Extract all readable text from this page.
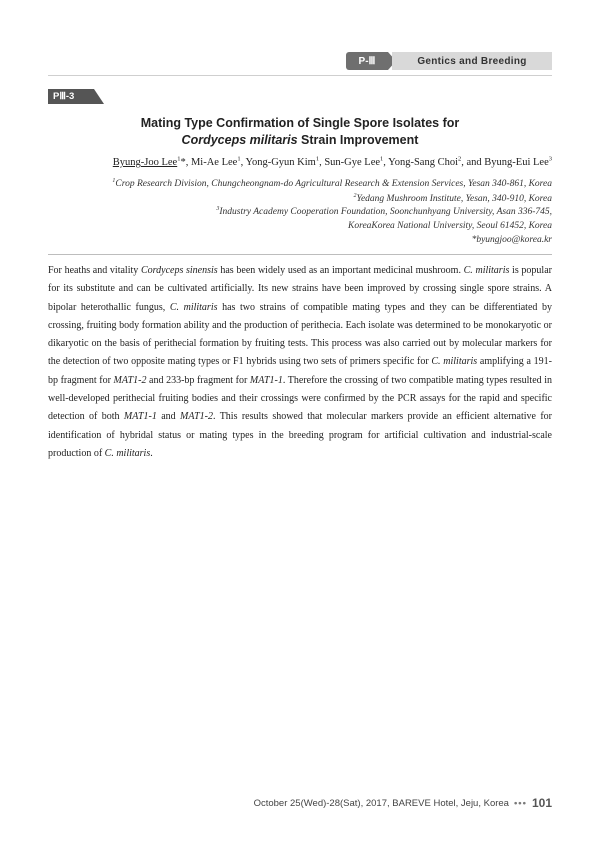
P-Ⅲ	Gentics and Breeding
PⅢ-3
Mating Type Confirmation of Single Spore Isolates for
Cordyceps militaris Strain Improvement
Byung-Joo Lee$^1$*, Mi-Ae Lee$^1$, Yong-Gyun Kim$^1$, Sun-Gye Lee$^1$, Yong-Sang Choi$^2$, and Byung-Eui Lee$^3$
$^1$Crop Research Division, Chungcheongnam-do Agricultural Research & Extension Services, Yesan 340-861, Korea
$^2$Yedang Mushroom Institute, Yesan, 340-910, Korea
$^3$Industry Academy Cooperation Foundation, Soonchunhyang University, Asan 336-745,
KoreaKorea National University, Seoul 61452, Korea
*byungjoo@korea.kr
For heaths and vitality Cordyceps sinensis has been widely used as an important medicinal mushroom. C. militaris is popular for its substitute and can be cultivated artificially. Its new strains have been improved by crossing single spore strains. A bipolar heterothallic fungus, C. militaris has two strains of compatible mating types and they can be differentiated by crossing, fruiting body formation ability and the production of perithecia. Each isolate was determined to be monokaryotic or dikaryotic on the basis of perithecial formation by fruiting tests. This process was also carried out by molecular markers for the detection of two opposite mating types or F1 hybrids using two sets of primers specific for C. militaris amplifying a 191-bp fragment for MAT1-2 and 233-bp fragment for MAT1-1. Therefore the crossing of two compatible mating types resulted in well-developed perithecial fruiting bodies and their crossings were confirmed by the PCR assays for the rapid and specific detection of both MAT1-1 and MAT1-2. This results showed that molecular markers provide an efficient alternative for identification of hybridal status or mating types in the breeding program for artificial cultivation and industrial-scale production of C. militaris.
October 25(Wed)-28(Sat), 2017, BAREVE Hotel, Jeju, Korea ••• 101
